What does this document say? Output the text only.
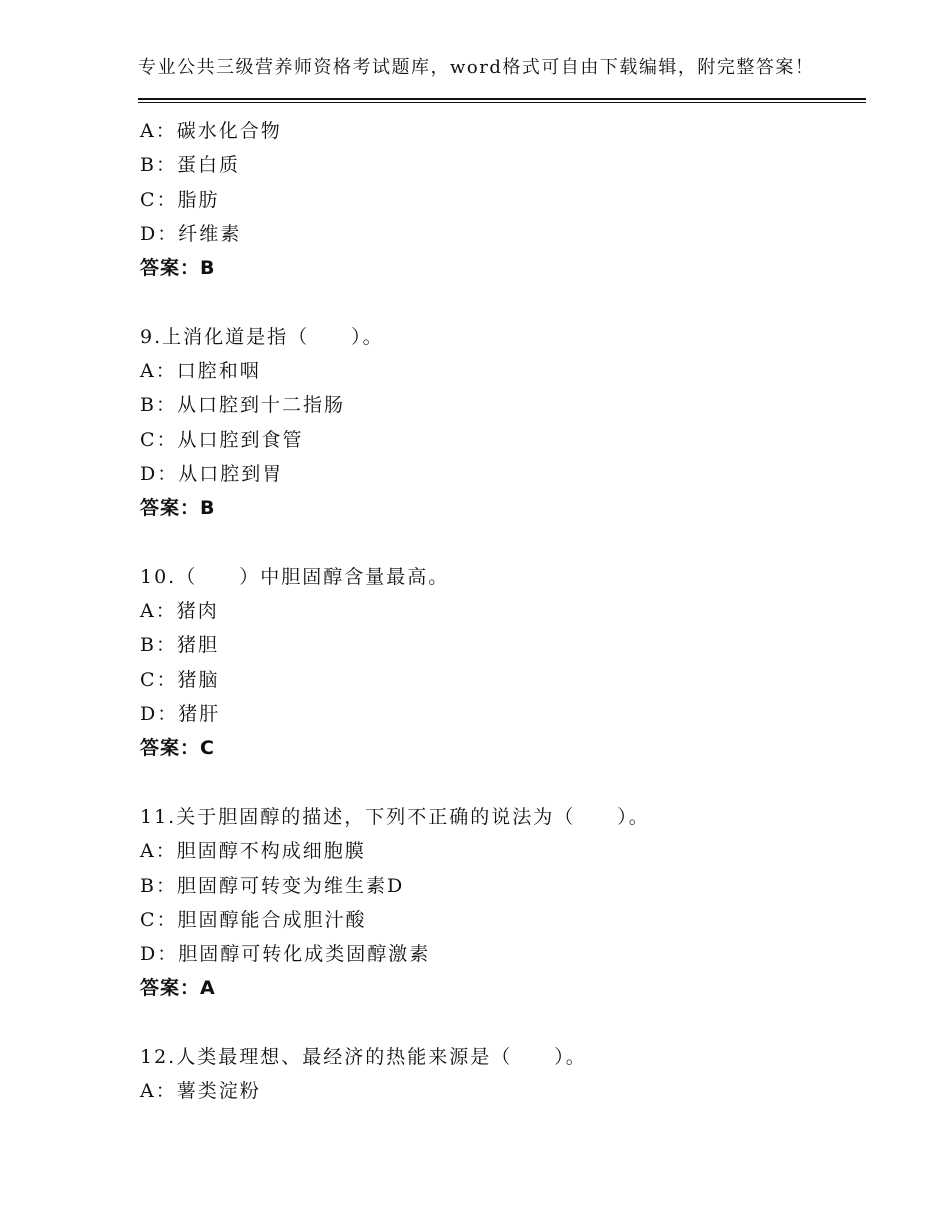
专业公共三级营养师资格考试题库，word格式可自由下载编辑，附完整答案！
A：碳水化合物
B：蛋白质
C：脂肪
D：纤维素
答案：B
9.上消化道是指（　　）。
A：口腔和咽
B：从口腔到十二指肠
C：从口腔到食管
D：从口腔到胃
答案：B
10.（　　）中胆固醇含量最高。
A：猪肉
B：猪胆
C：猪脑
D：猪肝
答案：C
11.关于胆固醇的描述，下列不正确的说法为（　　）。
A：胆固醇不构成细胞膜
B：胆固醇可转变为维生素D
C：胆固醇能合成胆汁酸
D：胆固醇可转化成类固醇激素
答案：A
12.人类最理想、最经济的热能来源是（　　）。
A：薯类淀粉
